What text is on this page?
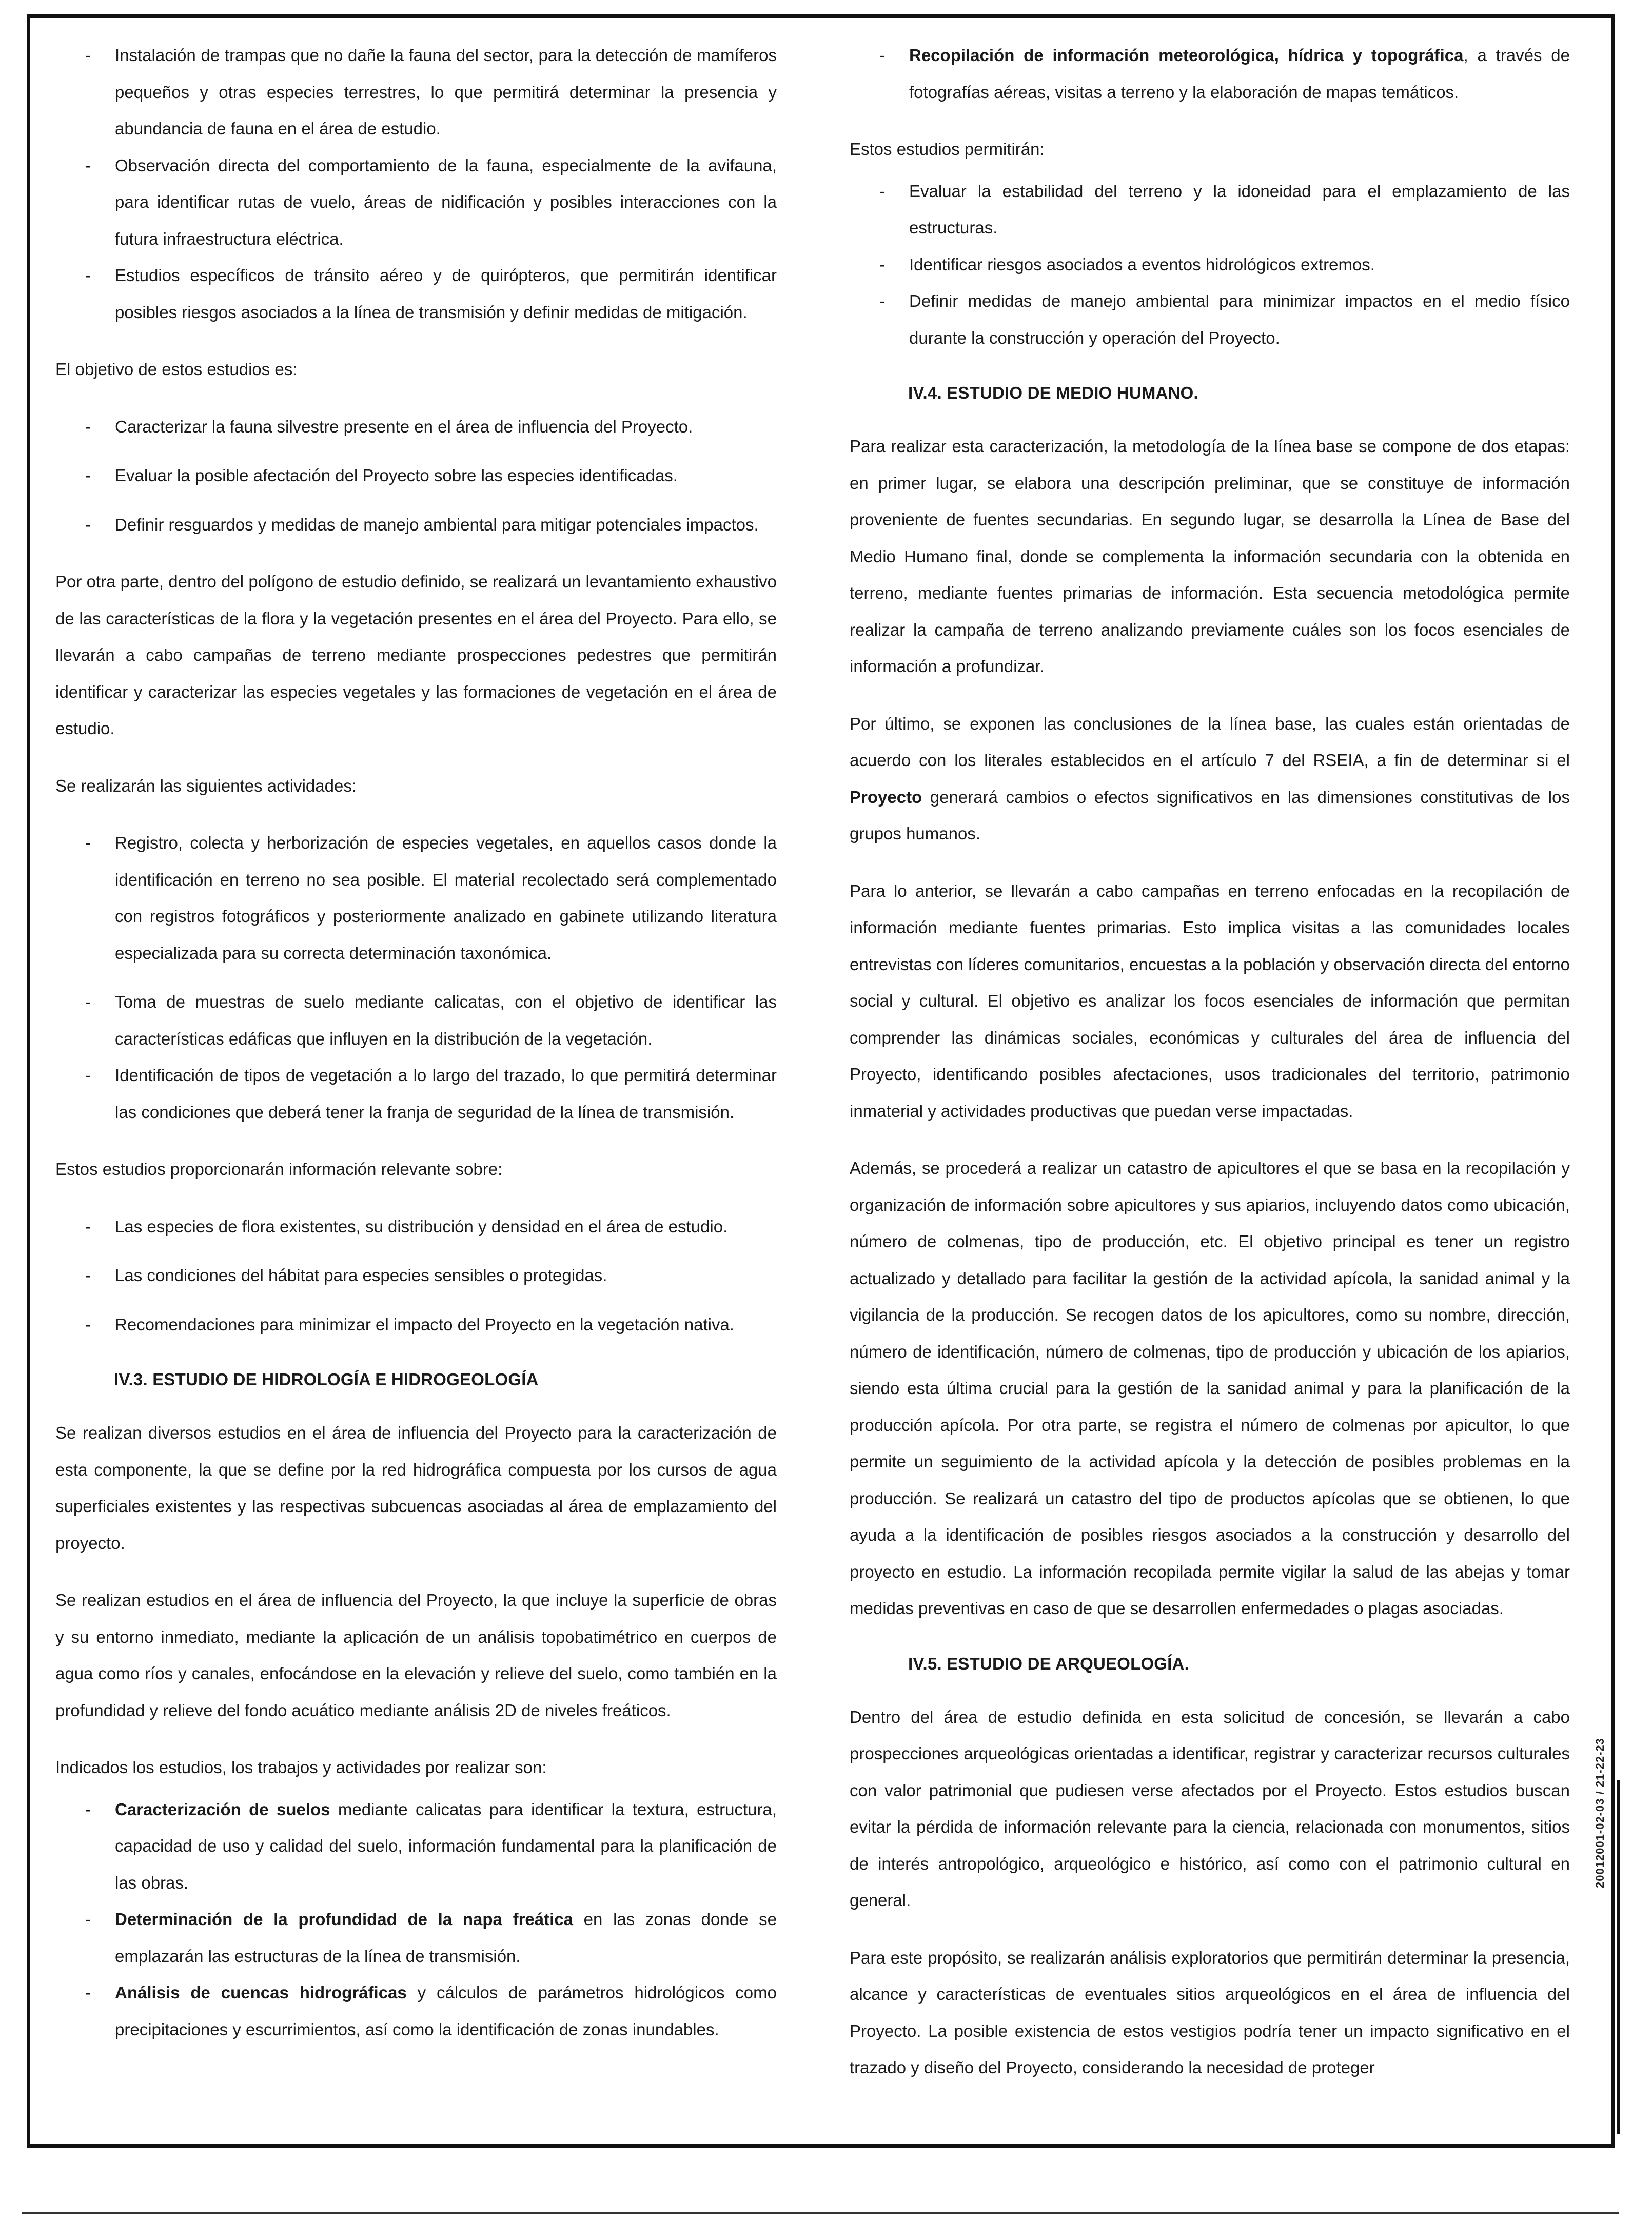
20012001-02-03 / 21-22-23
- Instalación de trampas que no dañe la fauna del sector, para la detección de mamíferos pequeños y otras especies terrestres, lo que permitirá determinar la presencia y abundancia de fauna en el área de estudio.
- Observación directa del comportamiento de la fauna, especialmente de la avifauna, para identificar rutas de vuelo, áreas de nidificación y posibles interacciones con la futura infraestructura eléctrica.
- Estudios específicos de tránsito aéreo y de quirópteros, que permitirán identificar posibles riesgos asociados a la línea de transmisión y definir medidas de mitigación.

El objetivo de estos estudios es:

- Caracterizar la fauna silvestre presente en el área de influencia del Proyecto.
- Evaluar la posible afectación del Proyecto sobre las especies identificadas.
- Definir resguardos y medidas de manejo ambiental para mitigar potenciales impactos.

Por otra parte, dentro del polígono de estudio definido, se realizará un levantamiento exhaustivo de las características de la flora y la vegetación presentes en el área del Proyecto. Para ello, se llevarán a cabo campañas de terreno mediante prospecciones pedestres que permitirán identificar y caracterizar las especies vegetales y las formaciones de vegetación en el área de estudio.

Se realizarán las siguientes actividades:

- Registro, colecta y herborización de especies vegetales, en aquellos casos donde la identificación en terreno no sea posible. El material recolectado será complementado con registros fotográficos y posteriormente analizado en gabinete utilizando literatura especializada para su correcta determinación taxonómica.
- Toma de muestras de suelo mediante calicatas, con el objetivo de identificar las características edáficas que influyen en la distribución de la vegetación.
- Identificación de tipos de vegetación a lo largo del trazado, lo que permitirá determinar las condiciones que deberá tener la franja de seguridad de la línea de transmisión.

Estos estudios proporcionarán información relevante sobre:

- Las especies de flora existentes, su distribución y densidad en el área de estudio.
- Las condiciones del hábitat para especies sensibles o protegidas.
- Recomendaciones para minimizar el impacto del Proyecto en la vegetación nativa.
IV.3. ESTUDIO DE HIDROLOGÍA E HIDROGEOLOGÍA

Se realizan diversos estudios en el área de influencia del Proyecto para la caracterización de esta componente, la que se define por la red hidrográfica compuesta por los cursos de agua superficiales existentes y las respectivas subcuencas asociadas al área de emplazamiento del proyecto.

Se realizan estudios en el área de influencia del Proyecto, la que incluye la superficie de obras y su entorno inmediato, mediante la aplicación de un análisis topobatimétrico en cuerpos de agua como ríos y canales, enfocándose en la elevación y relieve del suelo, como también en la profundidad y relieve del fondo acuático mediante análisis 2D de niveles freáticos.

Indicados los estudios, los trabajos y actividades por realizar son:

- Caracterización de suelos mediante calicatas para identificar la textura, estructura, capacidad de uso y calidad del suelo, información fundamental para la planificación de las obras.
- Determinación de la profundidad de la napa freática en las zonas donde se emplazarán las estructuras de la línea de transmisión.
- Análisis de cuencas hidrográficas y cálculos de parámetros hidrológicos como precipitaciones y escurrimientos, así como la identificación de zonas inundables.
- Recopilación de información meteorológica, hídrica y topográfica, a través de fotografías aéreas, visitas a terreno y la elaboración de mapas temáticos.

Estos estudios permitirán:

- Evaluar la estabilidad del terreno y la idoneidad para el emplazamiento de las estructuras.
- Identificar riesgos asociados a eventos hidrológicos extremos.
- Definir medidas de manejo ambiental para minimizar impactos en el medio físico durante la construcción y operación del Proyecto.
IV.4. ESTUDIO DE MEDIO HUMANO.

Para realizar esta caracterización, la metodología de la línea base se compone de dos etapas: en primer lugar, se elabora una descripción preliminar, que se constituye de información proveniente de fuentes secundarias. En segundo lugar, se desarrolla la Línea de Base del Medio Humano final, donde se complementa la información secundaria con la obtenida en terreno, mediante fuentes primarias de información. Esta secuencia metodológica permite realizar la campaña de terreno analizando previamente cuáles son los focos esenciales de información a profundizar.

Por último, se exponen las conclusiones de la línea base, las cuales están orientadas de acuerdo con los literales establecidos en el artículo 7 del RSEIA, a fin de determinar si el Proyecto generará cambios o efectos significativos en las dimensiones constitutivas de los grupos humanos.

Para lo anterior, se llevarán a cabo campañas en terreno enfocadas en la recopilación de información mediante fuentes primarias. Esto implica visitas a las comunidades locales entrevistas con líderes comunitarios, encuestas a la población y observación directa del entorno social y cultural. El objetivo es analizar los focos esenciales de información que permitan comprender las dinámicas sociales, económicas y culturales del área de influencia del Proyecto, identificando posibles afectaciones, usos tradicionales del territorio, patrimonio inmaterial y actividades productivas que puedan verse impactadas.

Además, se procederá a realizar un catastro de apicultores el que se basa en la recopilación y organización de información sobre apicultores y sus apiarios, incluyendo datos como ubicación, número de colmenas, tipo de producción, etc. El objetivo principal es tener un registro actualizado y detallado para facilitar la gestión de la actividad apícola, la sanidad animal y la vigilancia de la producción. Se recogen datos de los apicultores, como su nombre, dirección, número de identificación, número de colmenas, tipo de producción y ubicación de los apiarios, siendo esta última crucial para la gestión de la sanidad animal y para la planificación de la producción apícola. Por otra parte, se registra el número de colmenas por apicultor, lo que permite un seguimiento de la actividad apícola y la detección de posibles problemas en la producción. Se realizará un catastro del tipo de productos apícolas que se obtienen, lo que ayuda a la identificación de posibles riesgos asociados a la construcción y desarrollo del proyecto en estudio. La información recopilada permite vigilar la salud de las abejas y tomar medidas preventivas en caso de que se desarrollen enfermedades o plagas asociadas.

IV.5. ESTUDIO DE ARQUEOLOGÍA.

Dentro del área de estudio definida en esta solicitud de concesión, se llevarán a cabo prospecciones arqueológicas orientadas a identificar, registrar y caracterizar recursos culturales con valor patrimonial que pudiesen verse afectados por el Proyecto. Estos estudios buscan evitar la pérdida de información relevante para la ciencia, relacionada con monumentos, sitios de interés antropológico, arqueológico e histórico, así como con el patrimonio cultural en general.

Para este propósito, se realizarán análisis exploratorios que permitirán determinar la presencia, alcance y características de eventuales sitios arqueológicos en el área de influencia del Proyecto. La posible existencia de estos vestigios podría tener un impacto significativo en el trazado y diseño del Proyecto, considerando la necesidad de proteger
